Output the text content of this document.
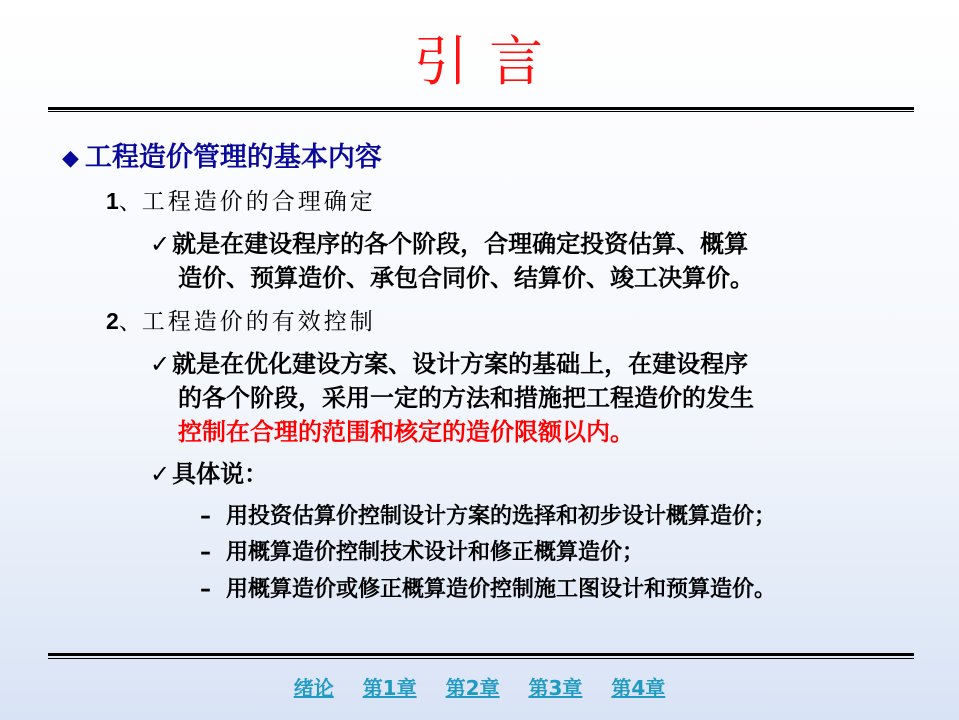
引 言
◆ 工程造价管理的基本内容
1、工程造价的合理确定
✓就是在建设程序的各个阶段，合理确定投资估算、概算
造价、预算造价、承包合同价、结算价、竣工决算价。
2、工程造价的有效控制
✓就是在优化建设方案、设计方案的基础上，在建设程序
的各个阶段，采用一定的方法和措施把工程造价的发生
控制在合理的范围和核定的造价限额以内。
✓具体说：
– 用投资估算价控制设计方案的选择和初步设计概算造价；
– 用概算造价控制技术设计和修正概算造价；
– 用概算造价或修正概算造价控制施工图设计和预算造价。
绪论 第1章 第2章 第3章 第4章
